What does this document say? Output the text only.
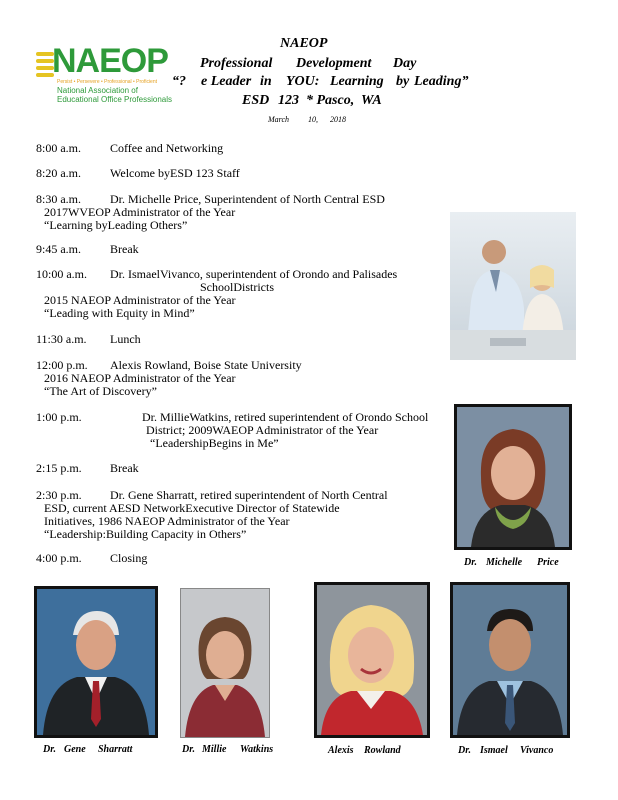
NAEOP
Persist • Persevere • Professional • Proficient
National Association of
Educational Office Professionals
NAEOP
Professional Development Day
“? e Leader in YOU: Learning by Leading”
ESD 123 * Pasco, WA
March 10, 2018
8:00 a.m. Coffee and Networking
8:20 a.m. Welcome byESD 123 Staff
8:30 a.m. Dr. Michelle Price, Superintendent of North Central ESD
2017WVEOP Administrator of the Year
“Learning byLeading Others”
9:45 a.m. Break
10:00 a.m. Dr. IsmaelVivanco, superintendent of Orondo and Palisades
SchoolDistricts
2015 NAEOP Administrator of the Year
“Leading with Equity in Mind”
11:30 a.m. Lunch
12:00 p.m. Alexis Rowland, Boise State University
2016 NAEOP Administrator of the Year
“The Art of Discovery”
1:00 p.m.	Dr. MillieWatkins, retired superintendent of Orondo School
District; 2009WAEOP Administrator of the Year
“LeadershipBegins in Me”
2:15 p.m. Break
2:30 p.m. Dr. Gene Sharratt, retired superintendent of North Central
ESD, current AESD NetworkExecutive Director of Statewide
Initiatives, 1986 NAEOP Administrator of the Year
“Leadership:Building Capacity in Others”
4:00 p.m. Closing	Dr. Michelle Price
Dr. Gene Sharratt	Dr. Millie Watkins	Alexis Rowland	Dr. Ismael Vivanco
